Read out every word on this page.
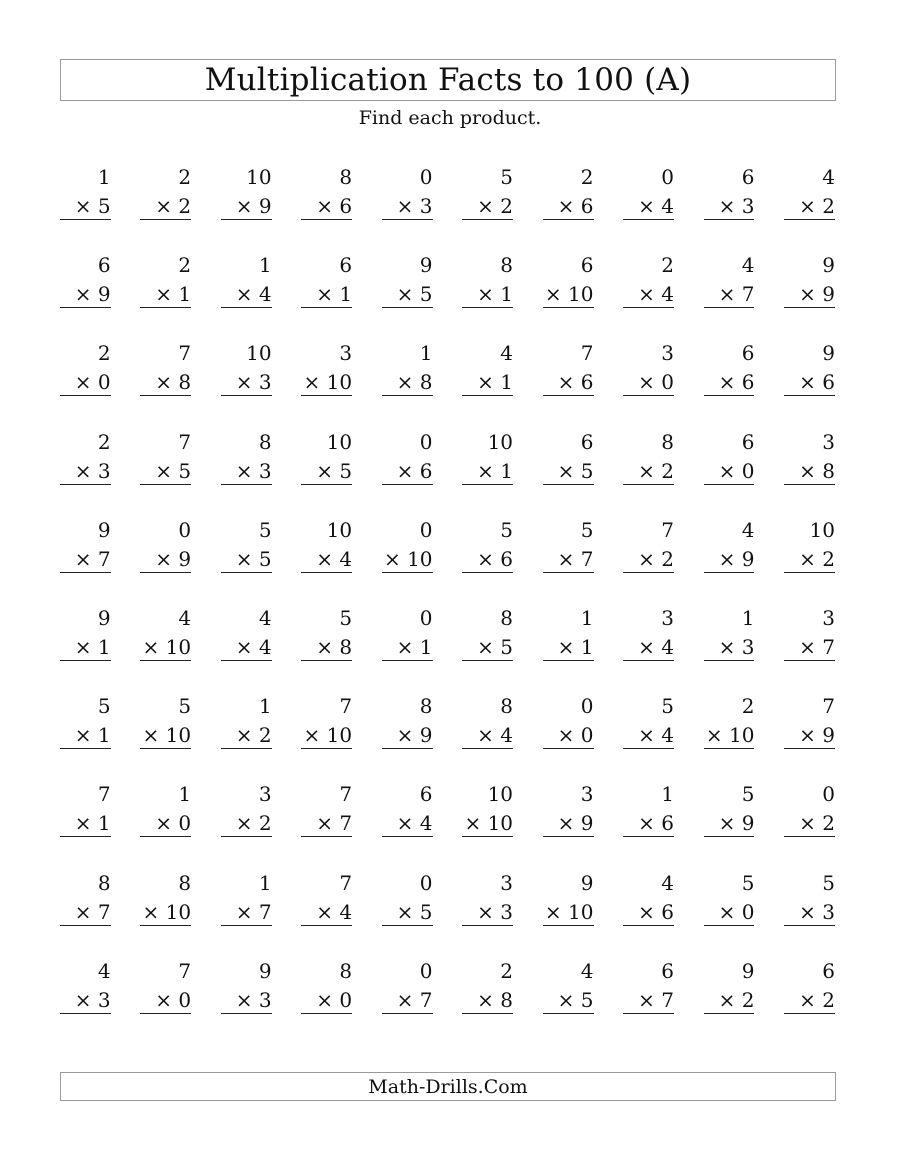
Multiplication Facts to 100 (A)
Find each product.
1
× 5
2
× 2
10
× 9
8
× 6
0
× 3
5
× 2
2
× 6
0
× 4
6
× 3
4
× 2
6
× 9
2
× 1
1
× 4
6
× 1
9
× 5
8
× 1
6
× 10
2
× 4
4
× 7
9
× 9
2
× 0
7
× 8
10
× 3
3
× 10
1
× 8
4
× 1
7
× 6
3
× 0
6
× 6
9
× 6
2
× 3
7
× 5
8
× 3
10
× 5
0
× 6
10
× 1
6
× 5
8
× 2
6
× 0
3
× 8
9
× 7
0
× 9
5
× 5
10
× 4
0
× 10
5
× 6
5
× 7
7
× 2
4
× 9
10
× 2
9
× 1
4
× 10
4
× 4
5
× 8
0
× 1
8
× 5
1
× 1
3
× 4
1
× 3
3
× 7
5
× 1
5
× 10
1
× 2
7
× 10
8
× 9
8
× 4
0
× 0
5
× 4
2
× 10
7
× 9
7
× 1
1
× 0
3
× 2
7
× 7
6
× 4
10
× 10
3
× 9
1
× 6
5
× 9
0
× 2
8
× 7
8
× 10
1
× 7
7
× 4
0
× 5
3
× 3
9
× 10
4
× 6
5
× 0
5
× 3
4
× 3
7
× 0
9
× 3
8
× 0
0
× 7
2
× 8
4
× 5
6
× 7
9
× 2
6
× 2
Math-Drills.Com
